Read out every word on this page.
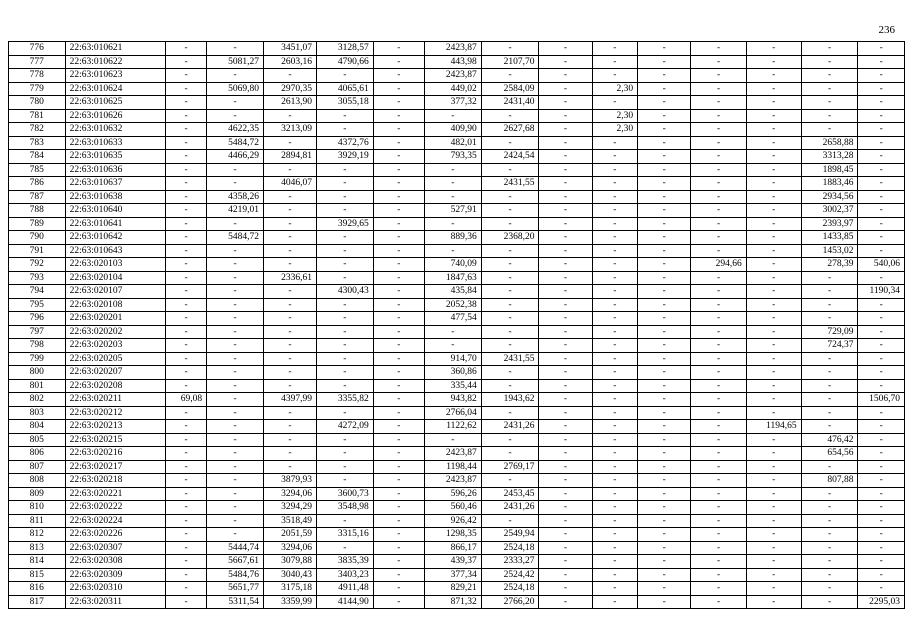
236
776	22:63:010621	-	-	3451,07	3128,57	-	2423,87	-	-	-	-	-	-	-	-
777	22:63:010622	-	5081,27	2603,16	4790,66	-	443,98	2107,70	-	-	-	-	-	-	-
778	22:63:010623	-	-	-	-	-	2423,87	-	-	-	-	-	-	-	-
779	22:63:010624	-	5069,80	2970,35	4065,61	-	449,02	2584,09	-	2,30	-	-	-	-	-
780	22:63:010625	-	-	2613,90	3055,18	-	377,32	2431,40	-	-	-	-	-	-	-
781	22:63:010626	-	-	-	-	-	-	-	-	2,30	-	-	-	-	-
782	22:63:010632	-	4622,35	3213,09	-	-	409,90	2627,68	-	2,30	-	-	-	-	-
783	22:63:010633	-	5484,72	-	4372,76	-	482,01	-	-	-	-	-	-	2658,88	-
784	22:63:010635	-	4466,29	2894,81	3929,19	-	793,35	2424,54	-	-	-	-	-	3313,28	-
785	22:63:010636	-	-	-	-	-	-	-	-	-	-	-	-	1898,45	-
786	22:63:010637	-	-	4046,07	-	-	-	2431,55	-	-	-	-	-	1883,46	-
787	22:63:010638	-	4358,26	-	-	-	-	-	-	-	-	-	-	2934,56	-
788	22:63:010640	-	4219,01	-	-	-	527,91	-	-	-	-	-	-	3002,37	-
789	22:63:010641	-	-	-	3929,65	-	-	-	-	-	-	-	-	2393,97	-
790	22:63:010642	-	5484,72	-	-	-	889,36	2368,20	-	-	-	-	-	1433,85	-
791	22:63:010643	-	-	-	-	-	-	-	-	-	-	-	-	1453,02	-
792	22:63:020103	-	-	-	-	-	740,09	-	-	-	-	294,66	-	278,39	540,06
793	22:63:020104	-	-	2336,61	-	-	1847,63	-	-	-	-	-	-	-	-
794	22:63:020107	-	-	-	4300,43	-	435,84	-	-	-	-	-	-	-	1190,34
795	22:63:020108	-	-	-	-	-	2052,38	-	-	-	-	-	-	-	-
796	22:63:020201	-	-	-	-	-	477,54	-	-	-	-	-	-	-	-
797	22:63:020202	-	-	-	-	-	-	-	-	-	-	-	-	729,09	-
798	22:63:020203	-	-	-	-	-	-	-	-	-	-	-	-	724,37	-
799	22:63:020205	-	-	-	-	-	914,70	2431,55	-	-	-	-	-	-	-
800	22:63:020207	-	-	-	-	-	360,86	-	-	-	-	-	-	-	-
801	22:63:020208	-	-	-	-	-	335,44	-	-	-	-	-	-	-	-
802	22:63:020211	69,08	-	4397,99	3355,82	-	943,82	1943,62	-	-	-	-	-	-	1506,70
803	22:63:020212	-	-	-	-	-	2766,04	-	-	-	-	-	-	-	-
804	22:63:020213	-	-	-	4272,09	-	1122,62	2431,26	-	-	-	-	1194,65	-	-
805	22:63:020215	-	-	-	-	-	-	-	-	-	-	-	-	476,42	-
806	22:63:020216	-	-	-	-	-	2423,87	-	-	-	-	-	-	654,56	-
807	22:63:020217	-	-	-	-	-	1198,44	2769,17	-	-	-	-	-	-	-
808	22:63:020218	-	-	3879,93	-	-	2423,87	-	-	-	-	-	-	807,88	-
809	22:63:020221	-	-	3294,06	3600,73	-	596,26	2453,45	-	-	-	-	-	-	-
810	22:63:020222	-	-	3294,29	3548,98	-	560,46	2431,26	-	-	-	-	-	-	-
811	22:63:020224	-	-	3518,49	-	-	926,42	-	-	-	-	-	-	-	-
812	22:63:020226	-	-	2051,59	3315,16	-	1298,35	2549,94	-	-	-	-	-	-	-
813	22:63:020307	-	5444,74	3294,06	-	-	866,17	2524,18	-	-	-	-	-	-	-
814	22:63:020308	-	5667,61	3079,88	3835,39	-	439,37	2333,27	-	-	-	-	-	-	-
815	22:63:020309	-	5484,76	3040,43	3403,23	-	377,34	2524,42	-	-	-	-	-	-	-
816	22:63:020310	-	5651,77	3175,18	4911,48	-	829,21	2524,18	-	-	-	-	-	-	-
817	22:63:020311	-	5311,54	3359,99	4144,90	-	871,32	2766,20	-	-	-	-	-	-	2295,03
